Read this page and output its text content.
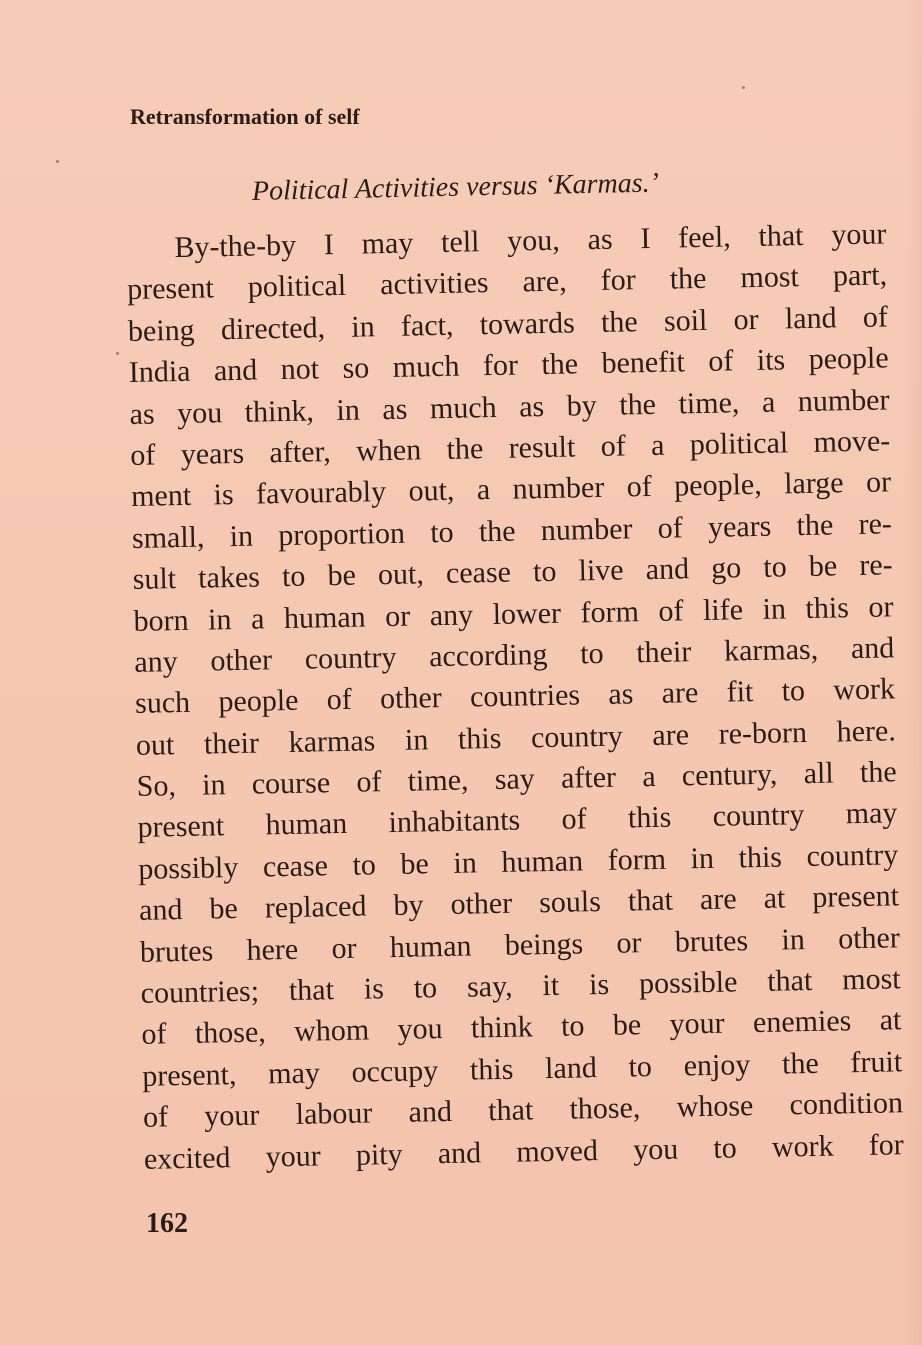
Retransformation of self

Political Activities versus ‘Karmas.’

By-the-by I may tell you, as I feel, that your
present political activities are, for the most part,
being directed, in fact, towards the soil or land of
India and not so much for the benefit of its people
as you think, in as much as by the time, a number
of years after, when the result of a political move-
ment is favourably out, a number of people, large or
small, in proportion to the number of years the re-
sult takes to be out, cease to live and go to be re-
born in a human or any lower form of life in this or
any other country according to their karmas, and
such people of other countries as are fit to work
out their karmas in this country are re-born here.
So, in course of time, say after a century, all the
present human inhabitants of this country may
possibly cease to be in human form in this country
and be replaced by other souls that are at present
brutes here or human beings or brutes in other
countries; that is to say, it is possible that most
of those, whom you think to be your enemies at
present, may occupy this land to enjoy the fruit
of your labour and that those, whose condition
excited your pity and moved you to work for

162
